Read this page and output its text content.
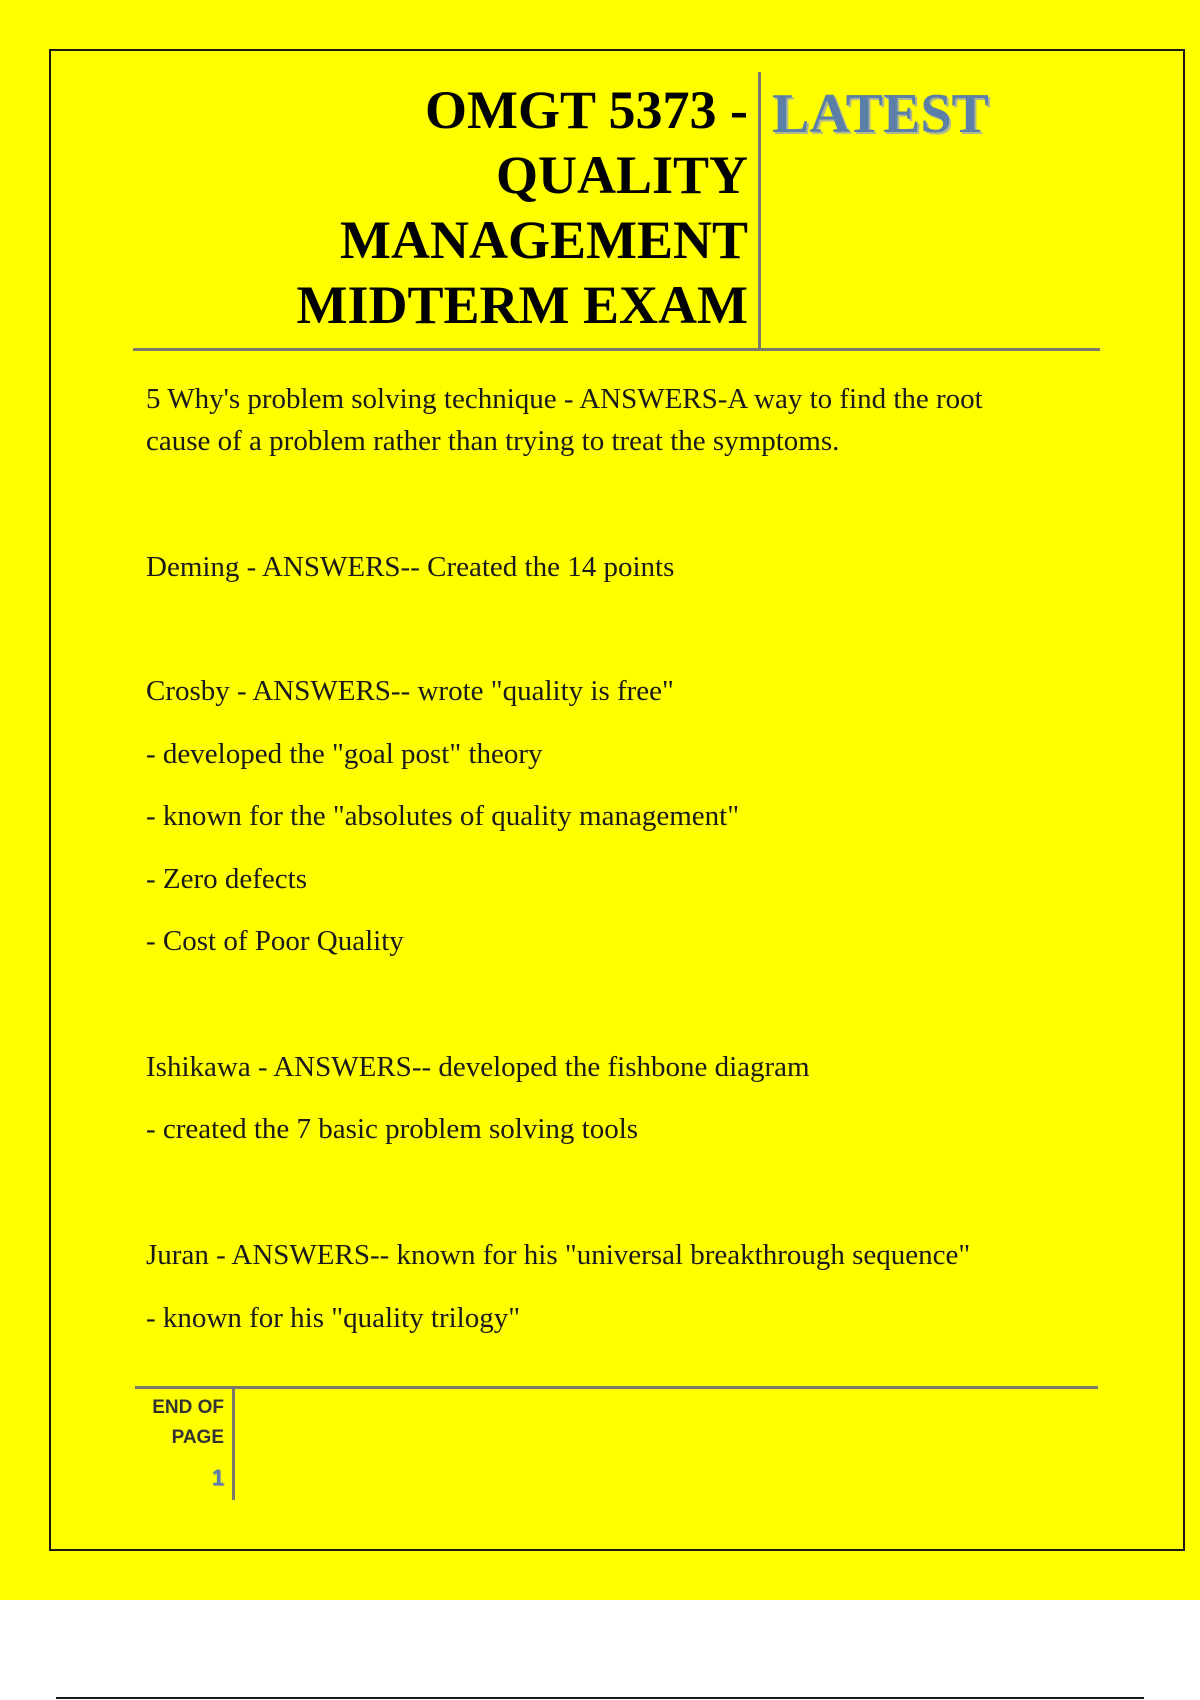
OMGT 5373 -
QUALITY
MANAGEMENT
MIDTERM EXAM
LATEST
5 Why's problem solving technique - ANSWERS-A way to find the root
cause of a problem rather than trying to treat the symptoms.
Deming - ANSWERS-- Created the 14 points
Crosby - ANSWERS-- wrote "quality is free"
- developed the "goal post" theory
- known for the "absolutes of quality management"
- Zero defects
- Cost of Poor Quality
Ishikawa - ANSWERS-- developed the fishbone diagram
- created the 7 basic problem solving tools
Juran - ANSWERS-- known for his "universal breakthrough sequence"
- known for his "quality trilogy"
END OF
PAGE
1
